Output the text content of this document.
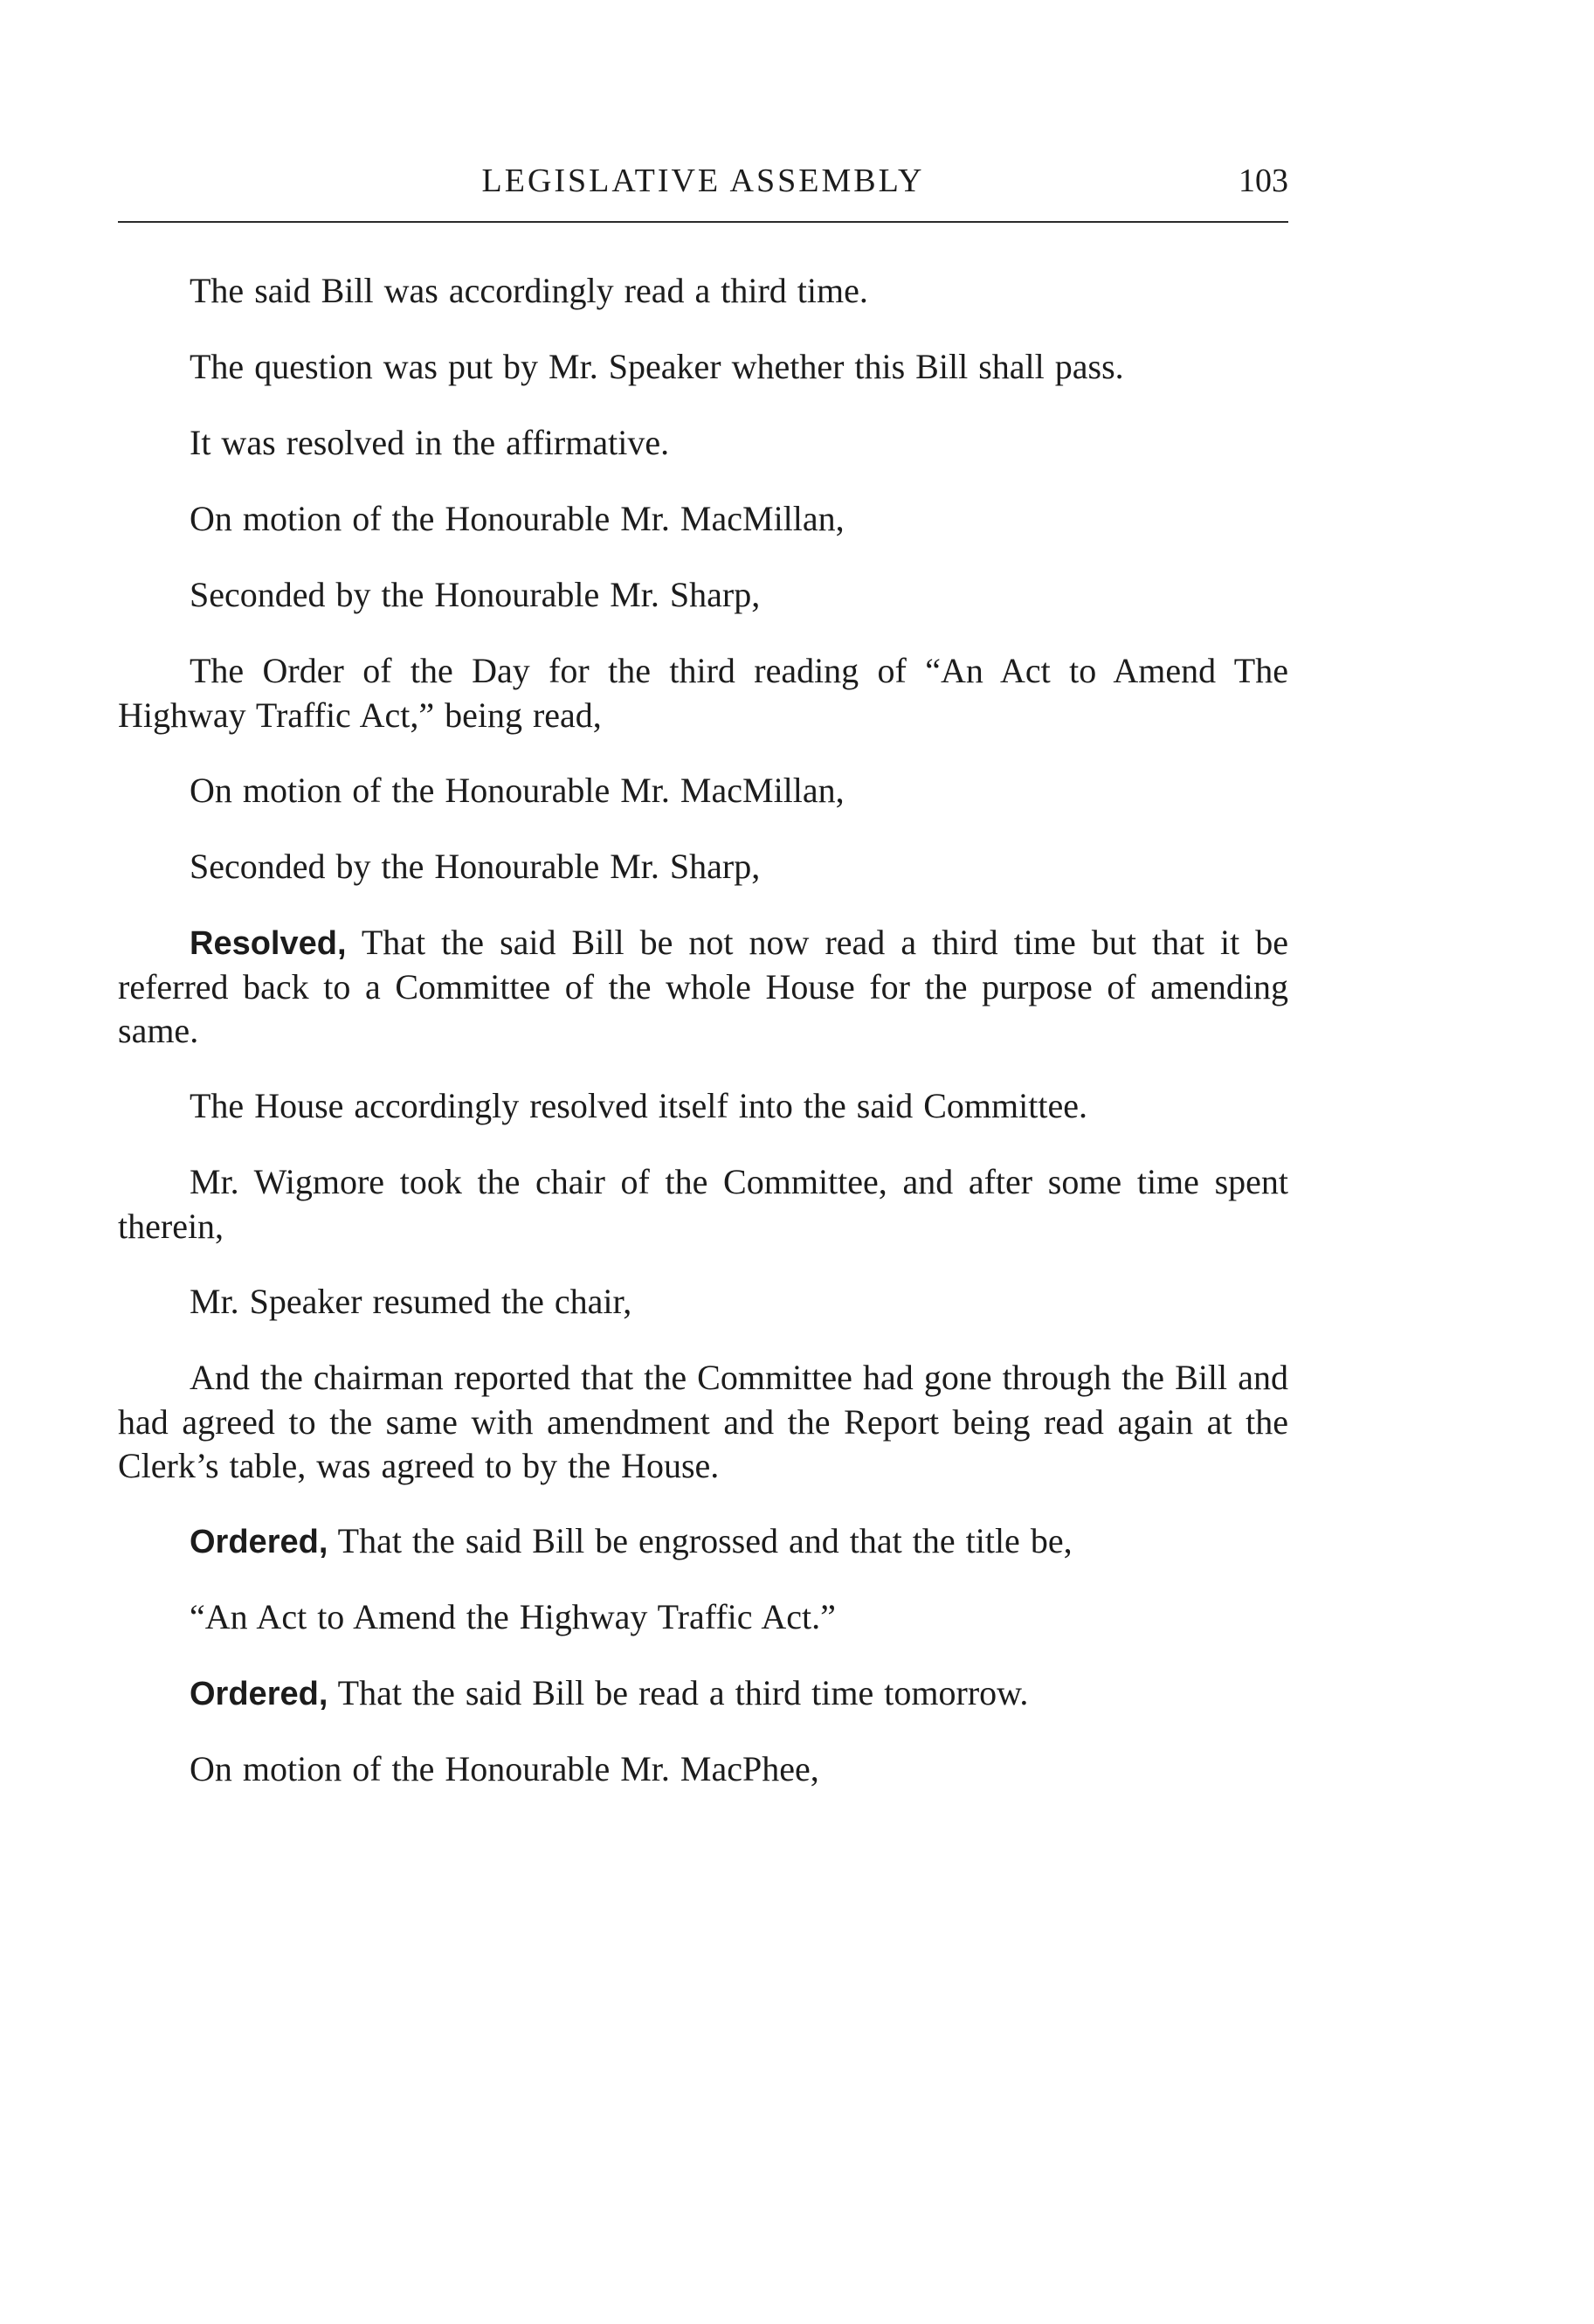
LEGISLATIVE ASSEMBLY	103

The said Bill was accordingly read a third time.

The question was put by Mr. Speaker whether this Bill shall pass.

It was resolved in the affirmative.

On motion of the Honourable Mr. MacMillan,

Seconded by the Honourable Mr. Sharp,

The Order of the Day for the third reading of “An Act to Amend The Highway Traffic Act,” being read,

On motion of the Honourable Mr. MacMillan,

Seconded by the Honourable Mr. Sharp,

Resolved, That the said Bill be not now read a third time but that it be referred back to a Committee of the whole House for the purpose of amending same.

The House accordingly resolved itself into the said Committee.

Mr. Wigmore took the chair of the Committee, and after some time spent therein,

Mr. Speaker resumed the chair,

And the chairman reported that the Committee had gone through the Bill and had agreed to the same with amendment and the Report being read again at the Clerk’s table, was agreed to by the House.

Ordered, That the said Bill be engrossed and that the title be,

“An Act to Amend the Highway Traffic Act.”

Ordered, That the said Bill be read a third time tomorrow.

On motion of the Honourable Mr. MacPhee,
